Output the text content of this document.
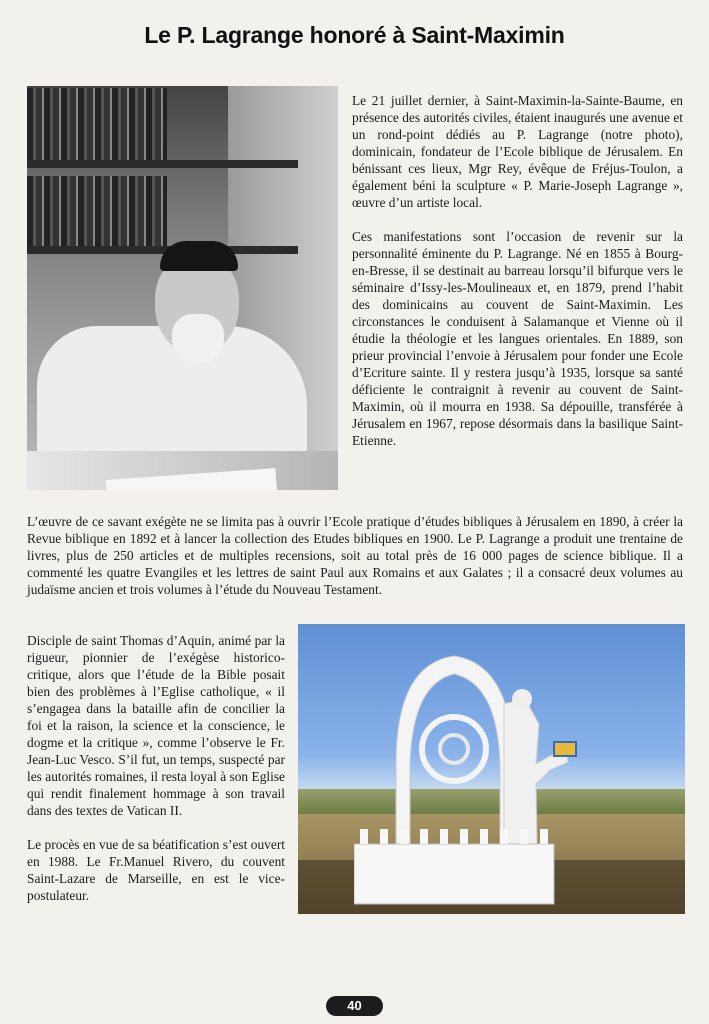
Le P. Lagrange honoré à Saint-Maximin

Le 21 juillet dernier, à Saint-Maximin-la-Sainte-Baume, en présence des autorités civiles, étaient inaugurés une avenue et un rond-point dédiés au P. Lagrange (notre photo), dominicain, fondateur de l’Ecole biblique de Jérusalem. En bénissant ces lieux, Mgr Rey, évêque de Fréjus-Toulon, a également béni la sculpture « P. Marie-Joseph Lagrange », œuvre d’un artiste local.

Ces manifestations sont l’occasion de revenir sur la personnalité éminente du P. Lagrange. Né en 1855 à Bourg-en-Bresse, il se destinait au barreau lorsqu’il bifurque vers le séminaire d’Issy-les-Moulineaux et, en 1879, prend l’habit des dominicains au couvent de Saint-Maximin. Les circonstances le conduisent à Salamanque et Vienne où il étudie la théologie et les langues orientales. En 1889, son prieur provincial l’envoie à Jérusalem pour fonder une Ecole d’Ecriture sainte. Il y restera jusqu’à 1935, lorsque sa santé déficiente le contraignit à revenir au couvent de Saint-Maximin, où il mourra en 1938. Sa dépouille, transférée à Jérusalem en 1967, repose désormais dans la basilique Saint-Etienne.

L’œuvre de ce savant exégète ne se limita pas à ouvrir l’Ecole pratique d’études bibliques à Jérusalem en 1890, à créer la Revue biblique en 1892 et à lancer la collection des Etudes bibliques en 1900. Le P. Lagrange a produit une trentaine de livres, plus de 250 articles et de multiples recensions, soit au total près de 16 000 pages de science biblique. Il a commenté les quatre Evangiles et les lettres de saint Paul aux Romains et aux Galates ; il a consacré deux volumes au judaïsme ancien et trois volumes à l’étude du Nouveau Testament.

Disciple de saint Thomas d’Aquin, animé par la rigueur, pionnier de l’exégèse historico-critique, alors que l’étude de la Bible posait bien des problèmes à l’Eglise catholique, « il s’engagea dans la bataille afin de concilier la foi et la raison, la science et la conscience, le dogme et la critique », comme l’observe le Fr. Jean-Luc Vesco. S’il fut, un temps, suspecté par les autorités romaines, il resta loyal à son Eglise qui rendit finalement hommage à son travail dans des textes de Vatican II.

Le procès en vue de sa béatification s’est ouvert en 1988. Le Fr.Manuel Rivero, du couvent Saint-Lazare de Marseille, en est le vice-postulateur.

40
